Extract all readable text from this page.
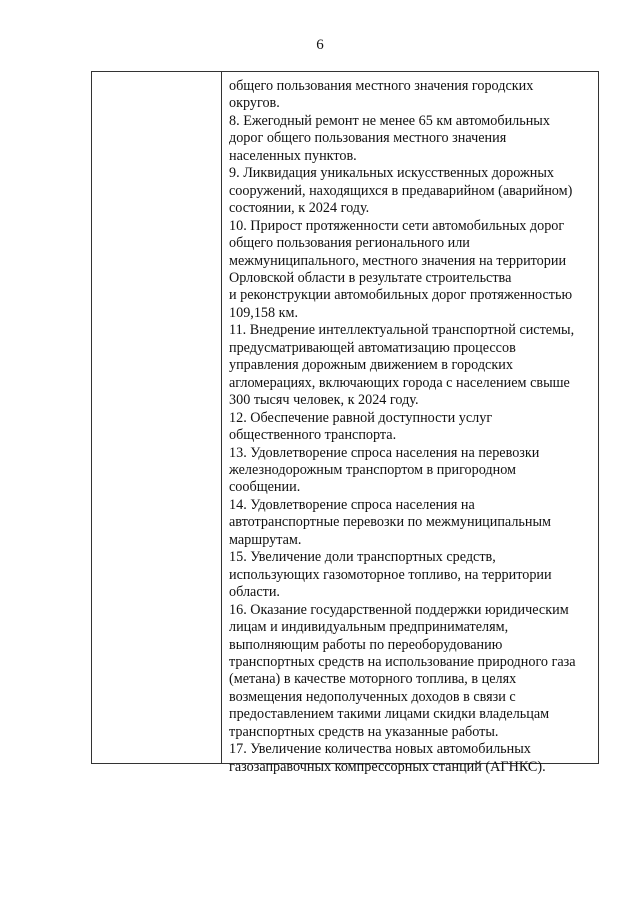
6
общего пользования местного значения городских
округов.
8. Ежегодный ремонт не менее 65 км автомобильных
дорог общего пользования местного значения
населенных пунктов.
9. Ликвидация уникальных искусственных дорожных
сооружений, находящихся в предаварийном (аварийном)
состоянии, к 2024 году.
10. Прирост протяженности сети автомобильных дорог
общего пользования регионального или
межмуниципального, местного значения на территории
Орловской области в результате строительства
и реконструкции автомобильных дорог протяженностью
109,158 км.
11. Внедрение интеллектуальной транспортной системы,
предусматривающей автоматизацию процессов
управления дорожным движением в городских
агломерациях, включающих города с населением свыше
300 тысяч человек, к 2024 году.
12. Обеспечение равной доступности услуг
общественного транспорта.
13. Удовлетворение спроса населения на перевозки
железнодорожным транспортом в пригородном
сообщении.
14. Удовлетворение спроса населения на
автотранспортные перевозки по межмуниципальным
маршрутам.
15. Увеличение доли транспортных средств,
использующих газомоторное топливо, на территории
области.
16. Оказание государственной поддержки юридическим
лицам и индивидуальным предпринимателям,
выполняющим работы по переоборудованию
транспортных средств на использование природного газа
(метана) в качестве моторного топлива, в целях
возмещения недополученных доходов в связи с
предоставлением такими лицами скидки владельцам
транспортных средств на указанные работы.
17. Увеличение количества новых автомобильных
газозаправочных компрессорных станций (АГНКС).
